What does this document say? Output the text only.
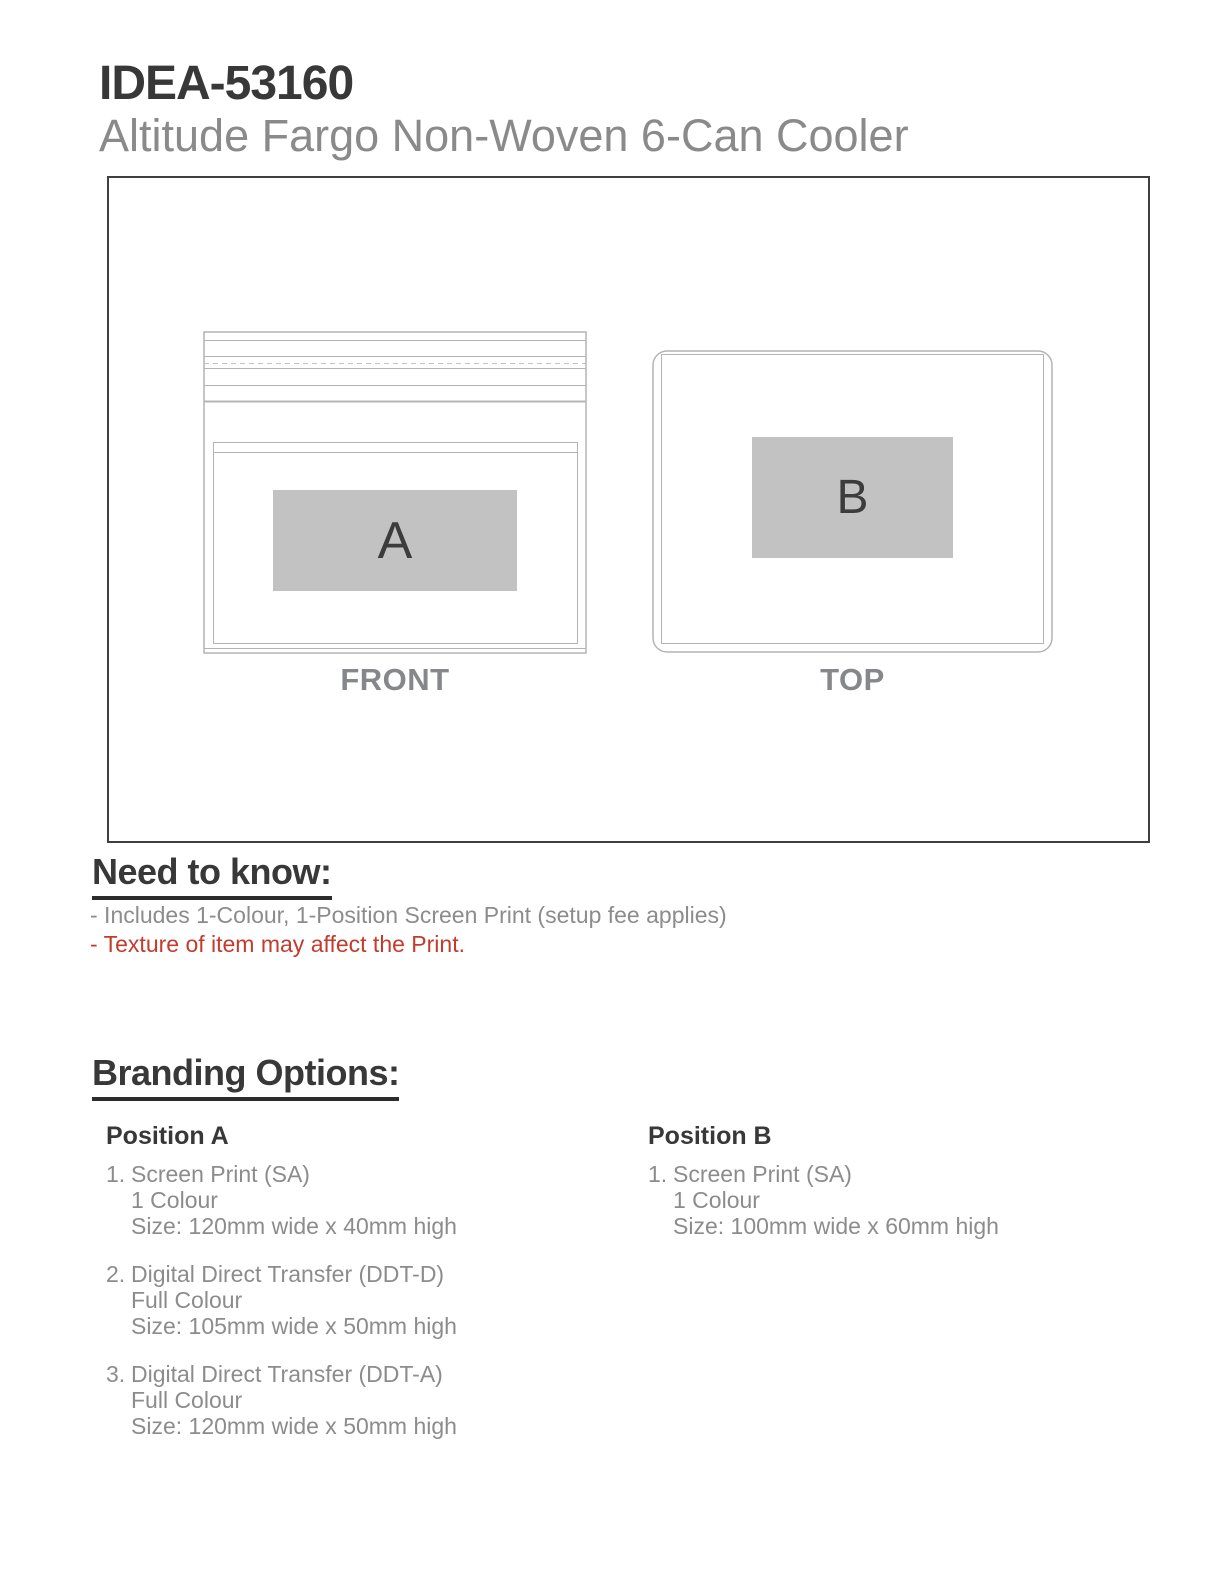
IDEA-53160
Altitude Fargo Non-Woven 6-Can Cooler
A
B
FRONT	TOP
Need to know:
- Includes 1-Colour, 1-Position Screen Print (setup fee applies)
- Texture of item may affect the Print.
Branding Options:
Position A
1. Screen Print (SA)
1 Colour
Size: 120mm wide x 40mm high
2. Digital Direct Transfer (DDT-D)
Full Colour
Size: 105mm wide x 50mm high
3. Digital Direct Transfer (DDT-A)
Full Colour
Size: 120mm wide x 50mm high
Position B
1. Screen Print (SA)
1 Colour
Size: 100mm wide x 60mm high
